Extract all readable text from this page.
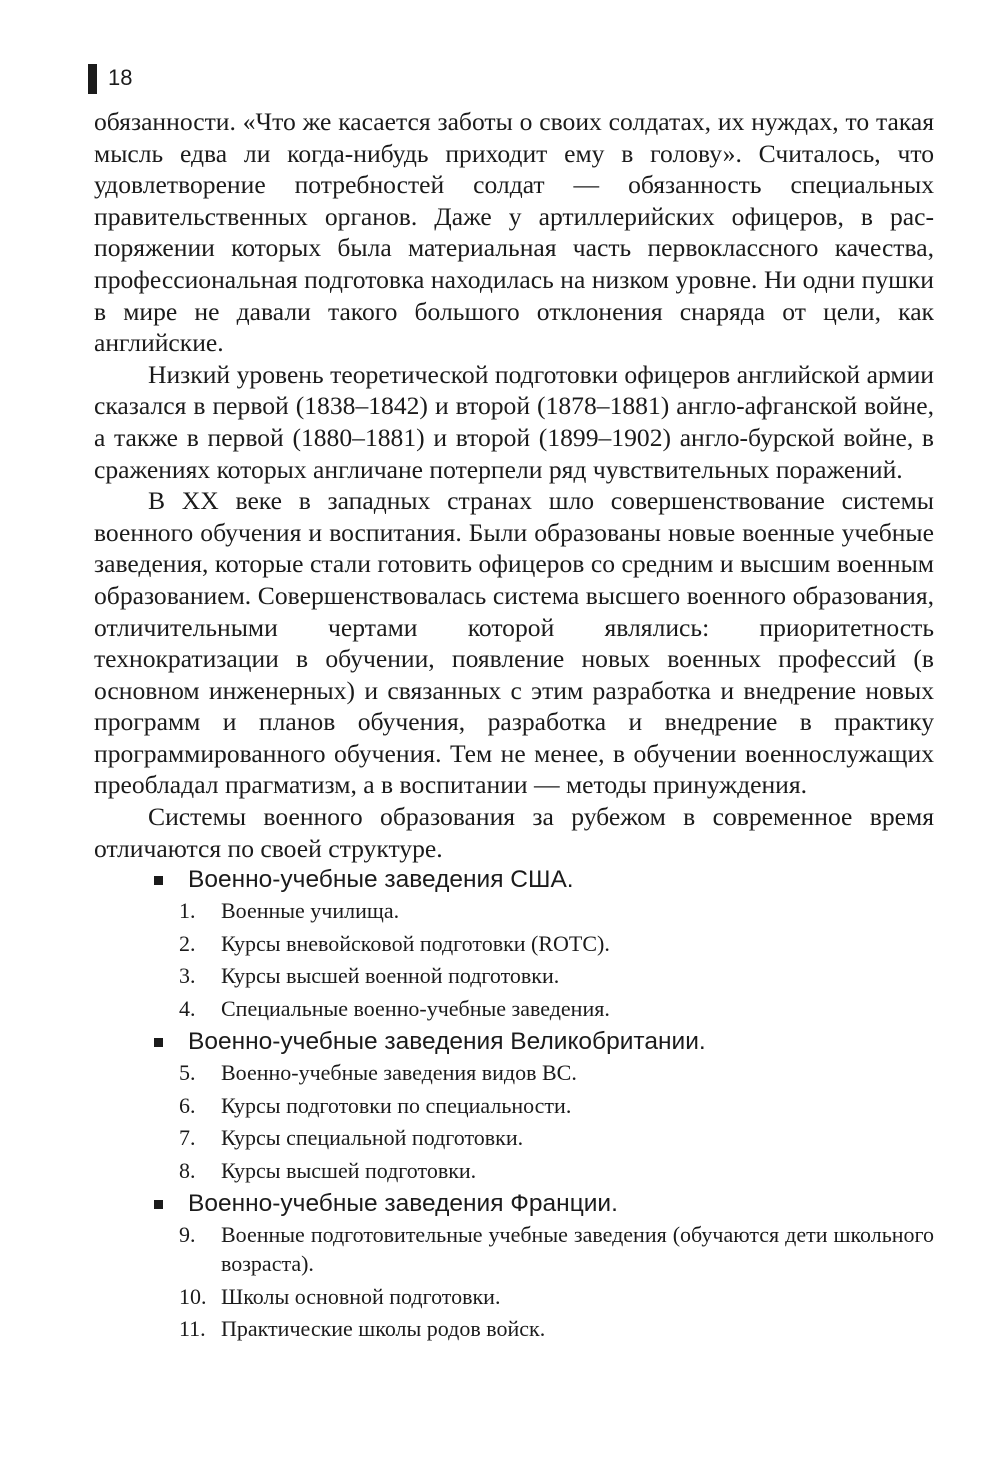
18

обязанности. «Что же касается заботы о своих солдатах, их нуждах, то такая мысль едва ли когда-нибудь приходит ему в голову». Считалось, что удовлетворение потребностей солдат — обязанность специальных правительственных органов. Даже у артиллерийских офицеров, в распоряжении которых была материальная часть первоклассного качества, профессиональная подготовка находилась на низком уровне. Ни одни пушки в мире не давали такого большого отклонения снаряда от цели, как английские.

Низкий уровень теоретической подготовки офицеров английской армии сказался в первой (1838–1842) и второй (1878–1881) англо-афганской войне, а также в первой (1880–1881) и второй (1899–1902) англо-бурской войне, в сражениях которых англичане потерпели ряд чувствительных поражений.

В XX веке в западных странах шло совершенствование системы военного обучения и воспитания. Были образованы новые военные учебные заведения, которые стали готовить офицеров со средним и высшим военным образованием. Совершенствовалась система высшего военного образования, отличительными чертами которой являлись: приоритетность технократизации в обучении, появление новых военных профессий (в основном инженерных) и связанных с этим разработка и внедрение новых программ и планов обучения, разработка и внедрение в практику программированного обучения. Тем не менее, в обучении военнослужащих преобладал прагматизм, а в воспитании — методы принуждения.

Системы военного образования за рубежом в современное время отличаются по своей структуре.

Военно-учебные заведения США.
1. Военные училища.
2. Курсы вневойсковой подготовки (ROTC).
3. Курсы высшей военной подготовки.
4. Специальные военно-учебные заведения.
Военно-учебные заведения Великобритании.
5. Военно-учебные заведения видов ВС.
6. Курсы подготовки по специальности.
7. Курсы специальной подготовки.
8. Курсы высшей подготовки.
Военно-учебные заведения Франции.
9. Военные подготовительные учебные заведения (обучаются дети школьного возраста).
10. Школы основной подготовки.
11. Практические школы родов войск.
